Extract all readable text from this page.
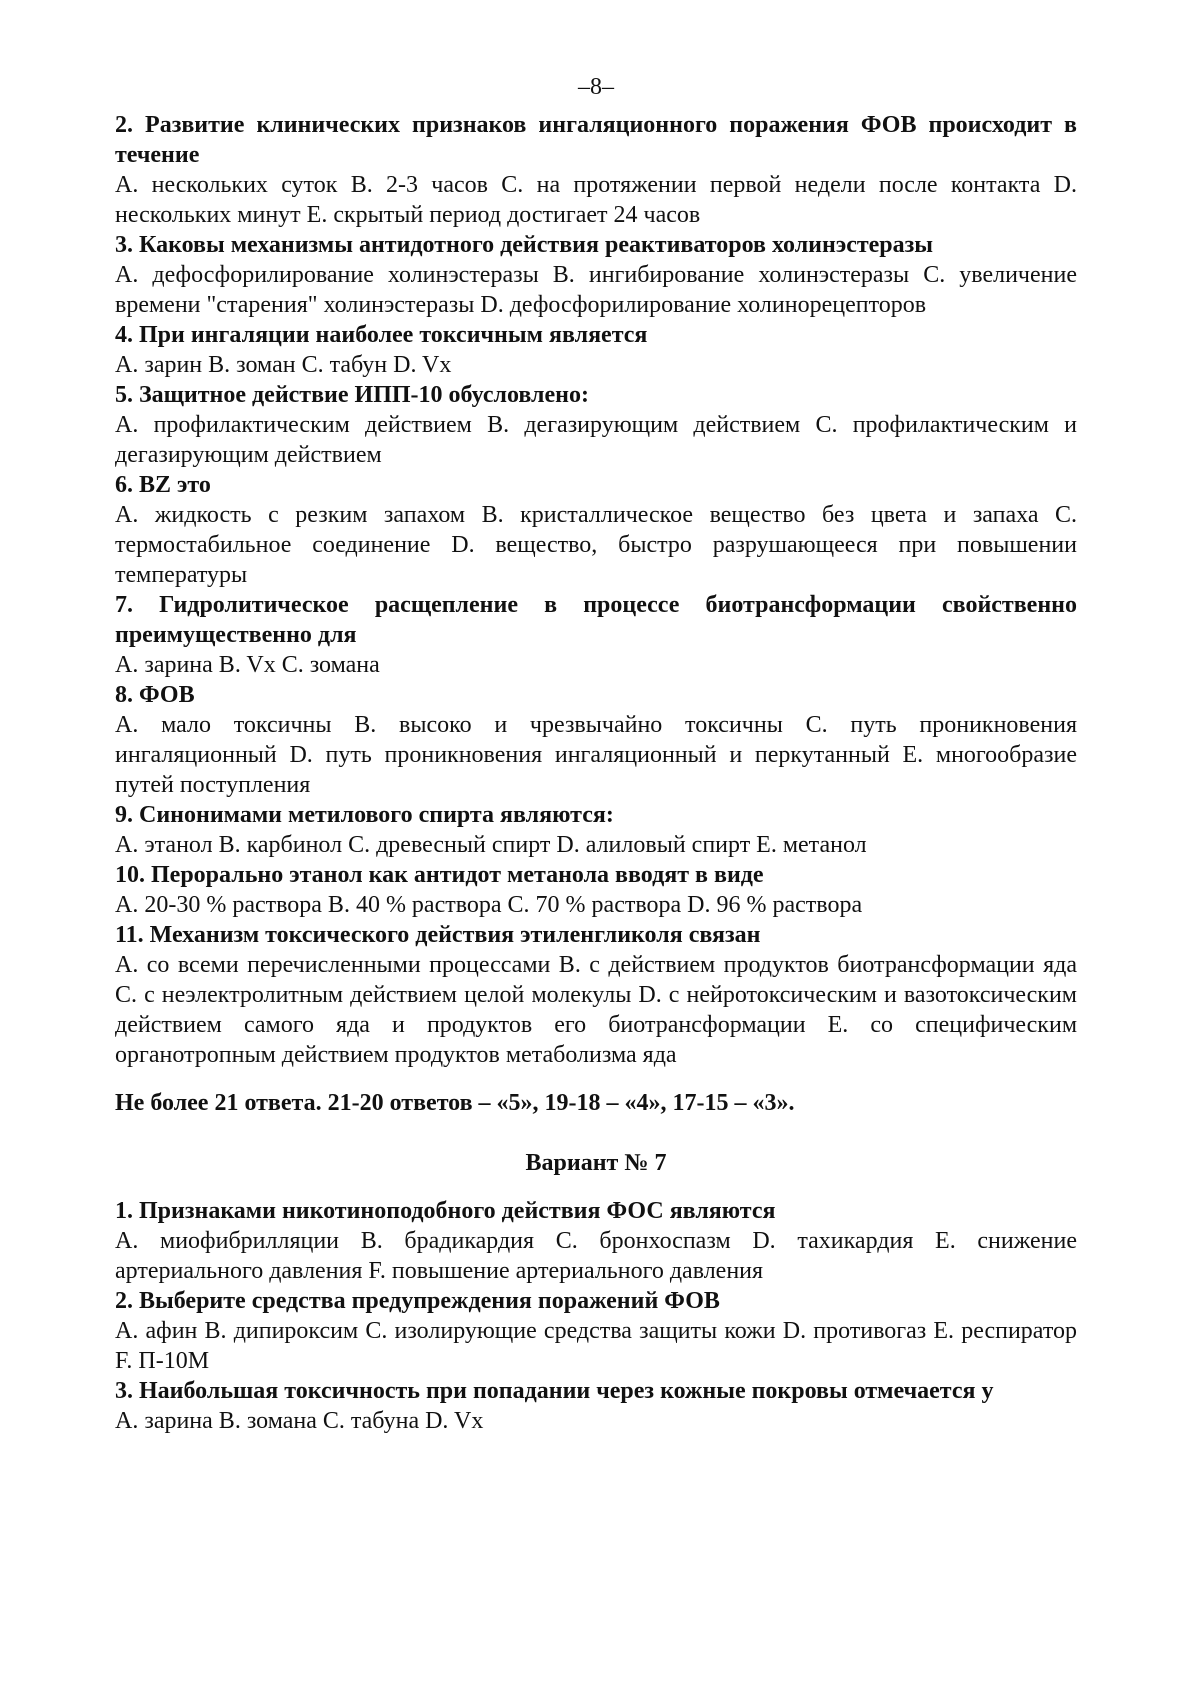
–8–
2. Развитие клинических признаков ингаляционного поражения ФОВ происходит в течение
A. нескольких суток B. 2-3 часов C. на протяжении первой недели после контакта D. нескольких минут E. скрытый период достигает 24 часов
3. Каковы механизмы антидотного действия реактиваторов холинэстеразы
A. дефосфорилирование холинэстеразы B. ингибирование холинэстеразы C. увеличение времени "старения" холинэстеразы D. дефосфорилирование холинорецепторов
4. При ингаляции наиболее токсичным является
A. зарин B. зоман C. табун D. Vx
5. Защитное действие ИПП-10 обусловлено:
A. профилактическим действием B. дегазирующим действием C. профилактическим и дегазирующим действием
6. BZ это
A. жидкость с резким запахом B. кристаллическое вещество без цвета и запаха C. термостабильное соединение D. вещество, быстро разрушающееся при повышении температуры
7. Гидролитическое расщепление в процессе биотрансформации свойственно преимущественно для
A. зарина B. Vx C. зомана
8. ФОВ
A. мало токсичны B. высоко и чрезвычайно токсичны C. путь проникновения ингаляционный D. путь проникновения ингаляционный и перкутанный E. многообразие путей поступления
9. Синонимами метилового спирта являются:
A. этанол B. карбинол C. древесный спирт D. алиловый спирт E. метанол
10. Перорально этанол как антидот метанола вводят в виде
A. 20-30 % раствора B. 40 % раствора C. 70 % раствора D. 96 % раствора
11. Механизм токсического действия этиленгликоля связан
A. со всеми перечисленными процессами B. с действием продуктов биотрансформации яда C. с неэлектролитным действием целой молекулы D. с нейротоксическим и вазотоксическим действием самого яда и продуктов его биотрансформации E. со специфическим органотропным действием продуктов метаболизма яда
Не более 21 ответа. 21-20 ответов – «5», 19-18 – «4», 17-15 – «3».
Вариант № 7
1. Признаками никотиноподобного действия ФОС являются
A. миофибрилляции B. брадикардия C. бронхоспазм D. тахикардия E. снижение артериального давления F. повышение артериального давления
2. Выберите средства предупреждения поражений ФОВ
A. афин B. дипироксим C. изолирующие средства защиты кожи D. противогаз E. респиратор F. П-10М
3. Наибольшая токсичность при попадании через кожные покровы отмечается у
A. зарина B. зомана C. табуна D. Vx
